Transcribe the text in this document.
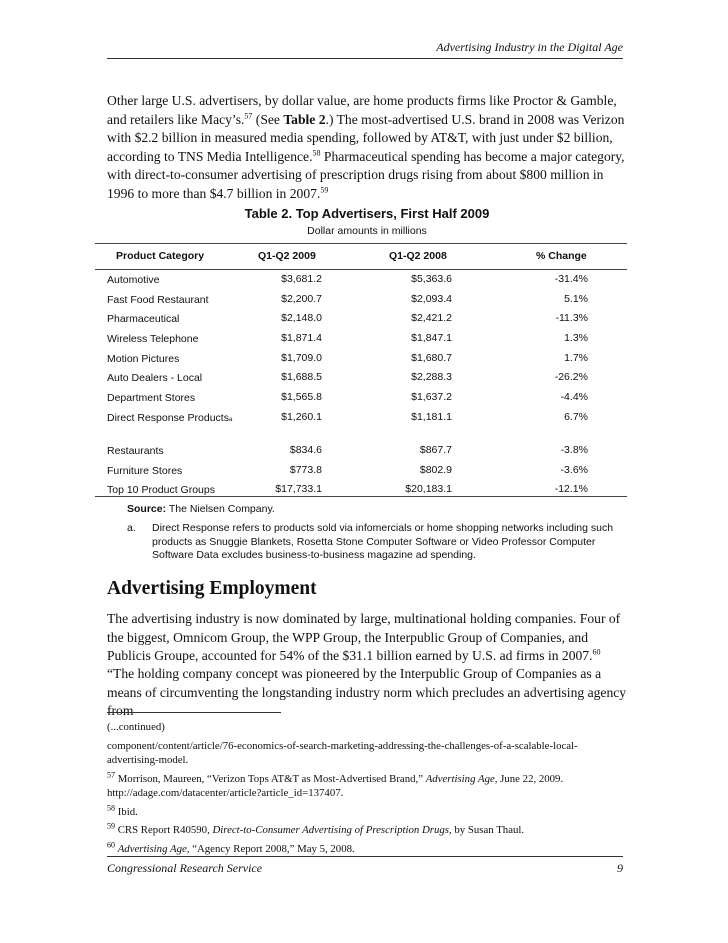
Advertising Industry in the Digital Age
Other large U.S. advertisers, by dollar value, are home products firms like Proctor & Gamble, and retailers like Macy’s.$^{57}$ (See Table 2.) The most-advertised U.S. brand in 2008 was Verizon with $2.2 billion in measured media spending, followed by AT&T, with just under $2 billion, according to TNS Media Intelligence.$^{58}$ Pharmaceutical spending has become a major category, with direct-to-consumer advertising of prescription drugs rising from about $800 million in 1996 to more than $4.7 billion in 2007.59
Table 2. Top Advertisers, First Half 2009
Dollar amounts in millions
Product Category	Q1-Q2 2009	Q1-Q2 2008	% Change
Automotive	$3,681.2	$5,363.6	-31.4%
Fast Food Restaurant	$2,200.7	$2,093.4	5.1%
Pharmaceutical	$2,148.0	$2,421.2	-11.3%
Wireless Telephone	$1,871.4	$1,847.1	1.3%
Motion Pictures	$1,709.0	$1,680.7	1.7%
Auto Dealers - Local	$1,688.5	$2,288.3	-26.2%
Department Stores	$1,565.8	$1,637.2	-4.4%
Direct Response Productsa	$1,260.1	$1,181.1	6.7%
Restaurants	$834.6	$867.7	-3.8%
Furniture Stores	$773.8	$802.9	-3.6%
Top 10 Product Groups	$17,733.1	$20,183.1	-12.1%
Source: The Nielsen Company.
a. Direct Response refers to products sold via infomercials or home shopping networks including such products as Snuggie Blankets, Rosetta Stone Computer Software or Video Professor Computer Software Data excludes business-to-business magazine ad spending.
Advertising Employment
The advertising industry is now dominated by large, multinational holding companies. Four of the biggest, Omnicom Group, the WPP Group, the Interpublic Group of Companies, and Publicis Groupe, accounted for 54% of the $31.1 billion earned by U.S. ad firms in 2007.60
“The holding company concept was pioneered by the Interpublic Group of Companies as a means of circumventing the longstanding industry norm which precludes an advertising agency from

(...continued)

component/content/article/76-economics-of-search-marketing-addressing-the-challenges-of-a-scalable-local-advertising-model.

$^{57}$ Morrison, Maureen, “Verizon Tops AT&T as Most-Advertised Brand,” Advertising Age, June 22, 2009. http://adage.com/datacenter/article?article_id=137407.

$^{58}$ Ibid.

$^{59}$ CRS Report R40590, Direct-to-Consumer Advertising of Prescription Drugs, by Susan Thaul.

$^{60}$ Advertising Age, “Agency Report 2008,” May 5, 2008.

Congressional Research Service	9
